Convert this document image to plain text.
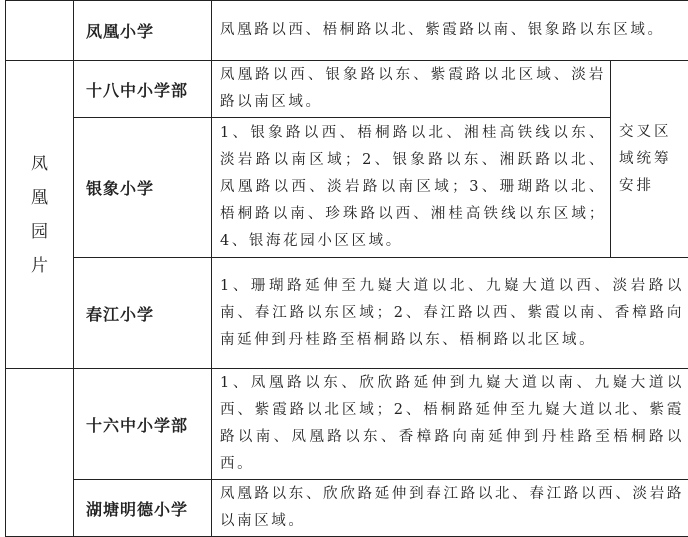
	凤凰小学	凤凰路以西、梧桐路以北、紫霞路以南、银象路以东区域。	
凤凰园片	十八中小学部	凤凰路以西、银象路以东、紫霞路以北区域、淡岩路以南区域。	交叉区域统筹安排
	银象小学	1、银象路以西、梧桐路以北、湘桂高铁线以东、淡岩路以南区域；2、银象路以东、湘跃路以北、凤凰路以西、淡岩路以南区域；3、珊瑚路以北、梧桐路以南、珍珠路以西、湘桂高铁线以东区域；4、银海花园小区区域。	
	春江小学	1、珊瑚路延伸至九嶷大道以北、九嶷大道以西、淡岩路以南、春江路以东区域；2、春江路以西、紫霞以南、香樟路向南延伸到丹桂路至梧桐路以东、梧桐路以北区域。	
	十六中小学部	1、凤凰路以东、欣欣路延伸到九嶷大道以南、九嶷大道以西、紫霞路以北区域；2、梧桐路延伸至九嶷大道以北、紫霞路以南、凤凰路以东、香樟路向南延伸到丹桂路至梧桐路以西。	
	湖塘明德小学	凤凰路以东、欣欣路延伸到春江路以北、春江路以西、淡岩路以南区域。	
